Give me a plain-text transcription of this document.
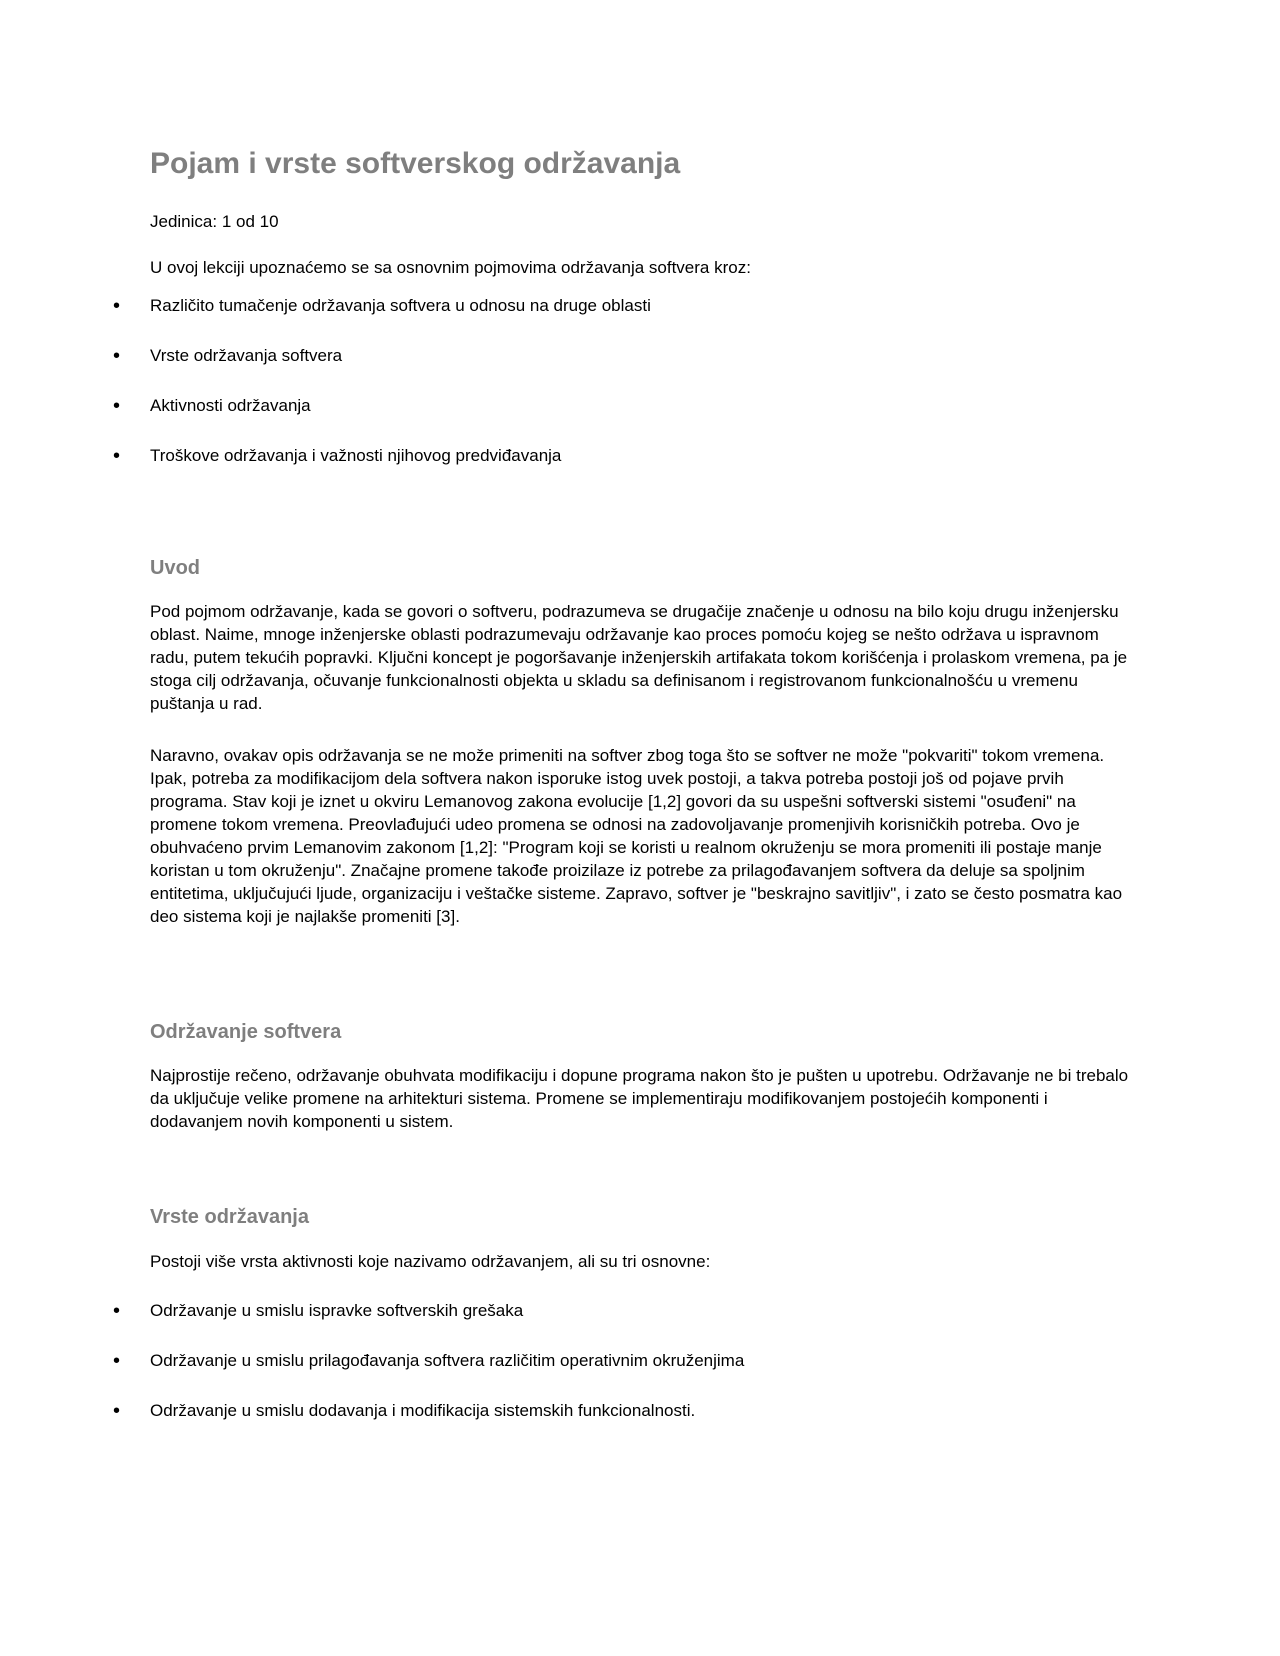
Pojam i vrste softverskog održavanja
Jedinica: 1 od 10
U ovoj lekciji upoznaćemo se sa osnovnim pojmovima održavanja softvera kroz:
• Različito tumačenje održavanja softvera u odnosu na druge oblasti
• Vrste održavanja softvera
• Aktivnosti održavanja
• Troškove održavanja i važnosti njihovog predviđavanja
Uvod

Pod pojmom održavanje, kada se govori o softveru, podrazumeva se drugačije značenje u odnosu na bilo koju drugu inženjersku oblast. Naime, mnoge inženjerske oblasti podrazumevaju održavanje kao proces pomoću kojeg se nešto održava u ispravnom radu, putem tekućih popravki. Ključni koncept je pogoršavanje inženjerskih artifakata tokom korišćenja i prolaskom vremena, pa je stoga cilj održavanja, očuvanje funkcionalnosti objekta u skladu sa definisanom i registrovanom funkcionalnošću u vremenu puštanja u rad.

Naravno, ovakav opis održavanja se ne može primeniti na softver zbog toga što se softver ne može "pokvariti" tokom vremena. Ipak, potreba za modifikacijom dela softvera nakon isporuke istog uvek postoji, a takva potreba postoji još od pojave prvih programa. Stav koji je iznet u okviru Lemanovog zakona evolucije [1,2] govori da su uspešni softverski sistemi "osuđeni" na promene tokom vremena. Preovlađujući udeo promena se odnosi na zadovoljavanje promenjivih korisničkih potreba. Ovo je obuhvaćeno prvim Lemanovim zakonom [1,2]: "Program koji se koristi u realnom okruženju se mora promeniti ili postaje manje koristan u tom okruženju". Značajne promene takođe proizilaze iz potrebe za prilagođavanjem softvera da deluje sa spoljnim entitetima, uključujući ljude, organizaciju i veštačke sisteme. Zapravo, softver je "beskrajno savitljiv", i zato se često posmatra kao deo sistema koji je najlakše promeniti [3].

Održavanje softvera

Najprostije rečeno, održavanje obuhvata modifikaciju i dopune programa nakon što je pušten u upotrebu. Održavanje ne bi trebalo da uključuje velike promene na arhitekturi sistema. Promene se implementiraju modifikovanjem postojećih komponenti i dodavanjem novih komponenti u sistem.

Vrste održavanja

Postoji više vrsta aktivnosti koje nazivamo održavanjem, ali su tri osnovne:

• Održavanje u smislu ispravke softverskih grešaka
• Održavanje u smislu prilagođavanja softvera različitim operativnim okruženjima
• Održavanje u smislu dodavanja i modifikacija sistemskih funkcionalnosti.
